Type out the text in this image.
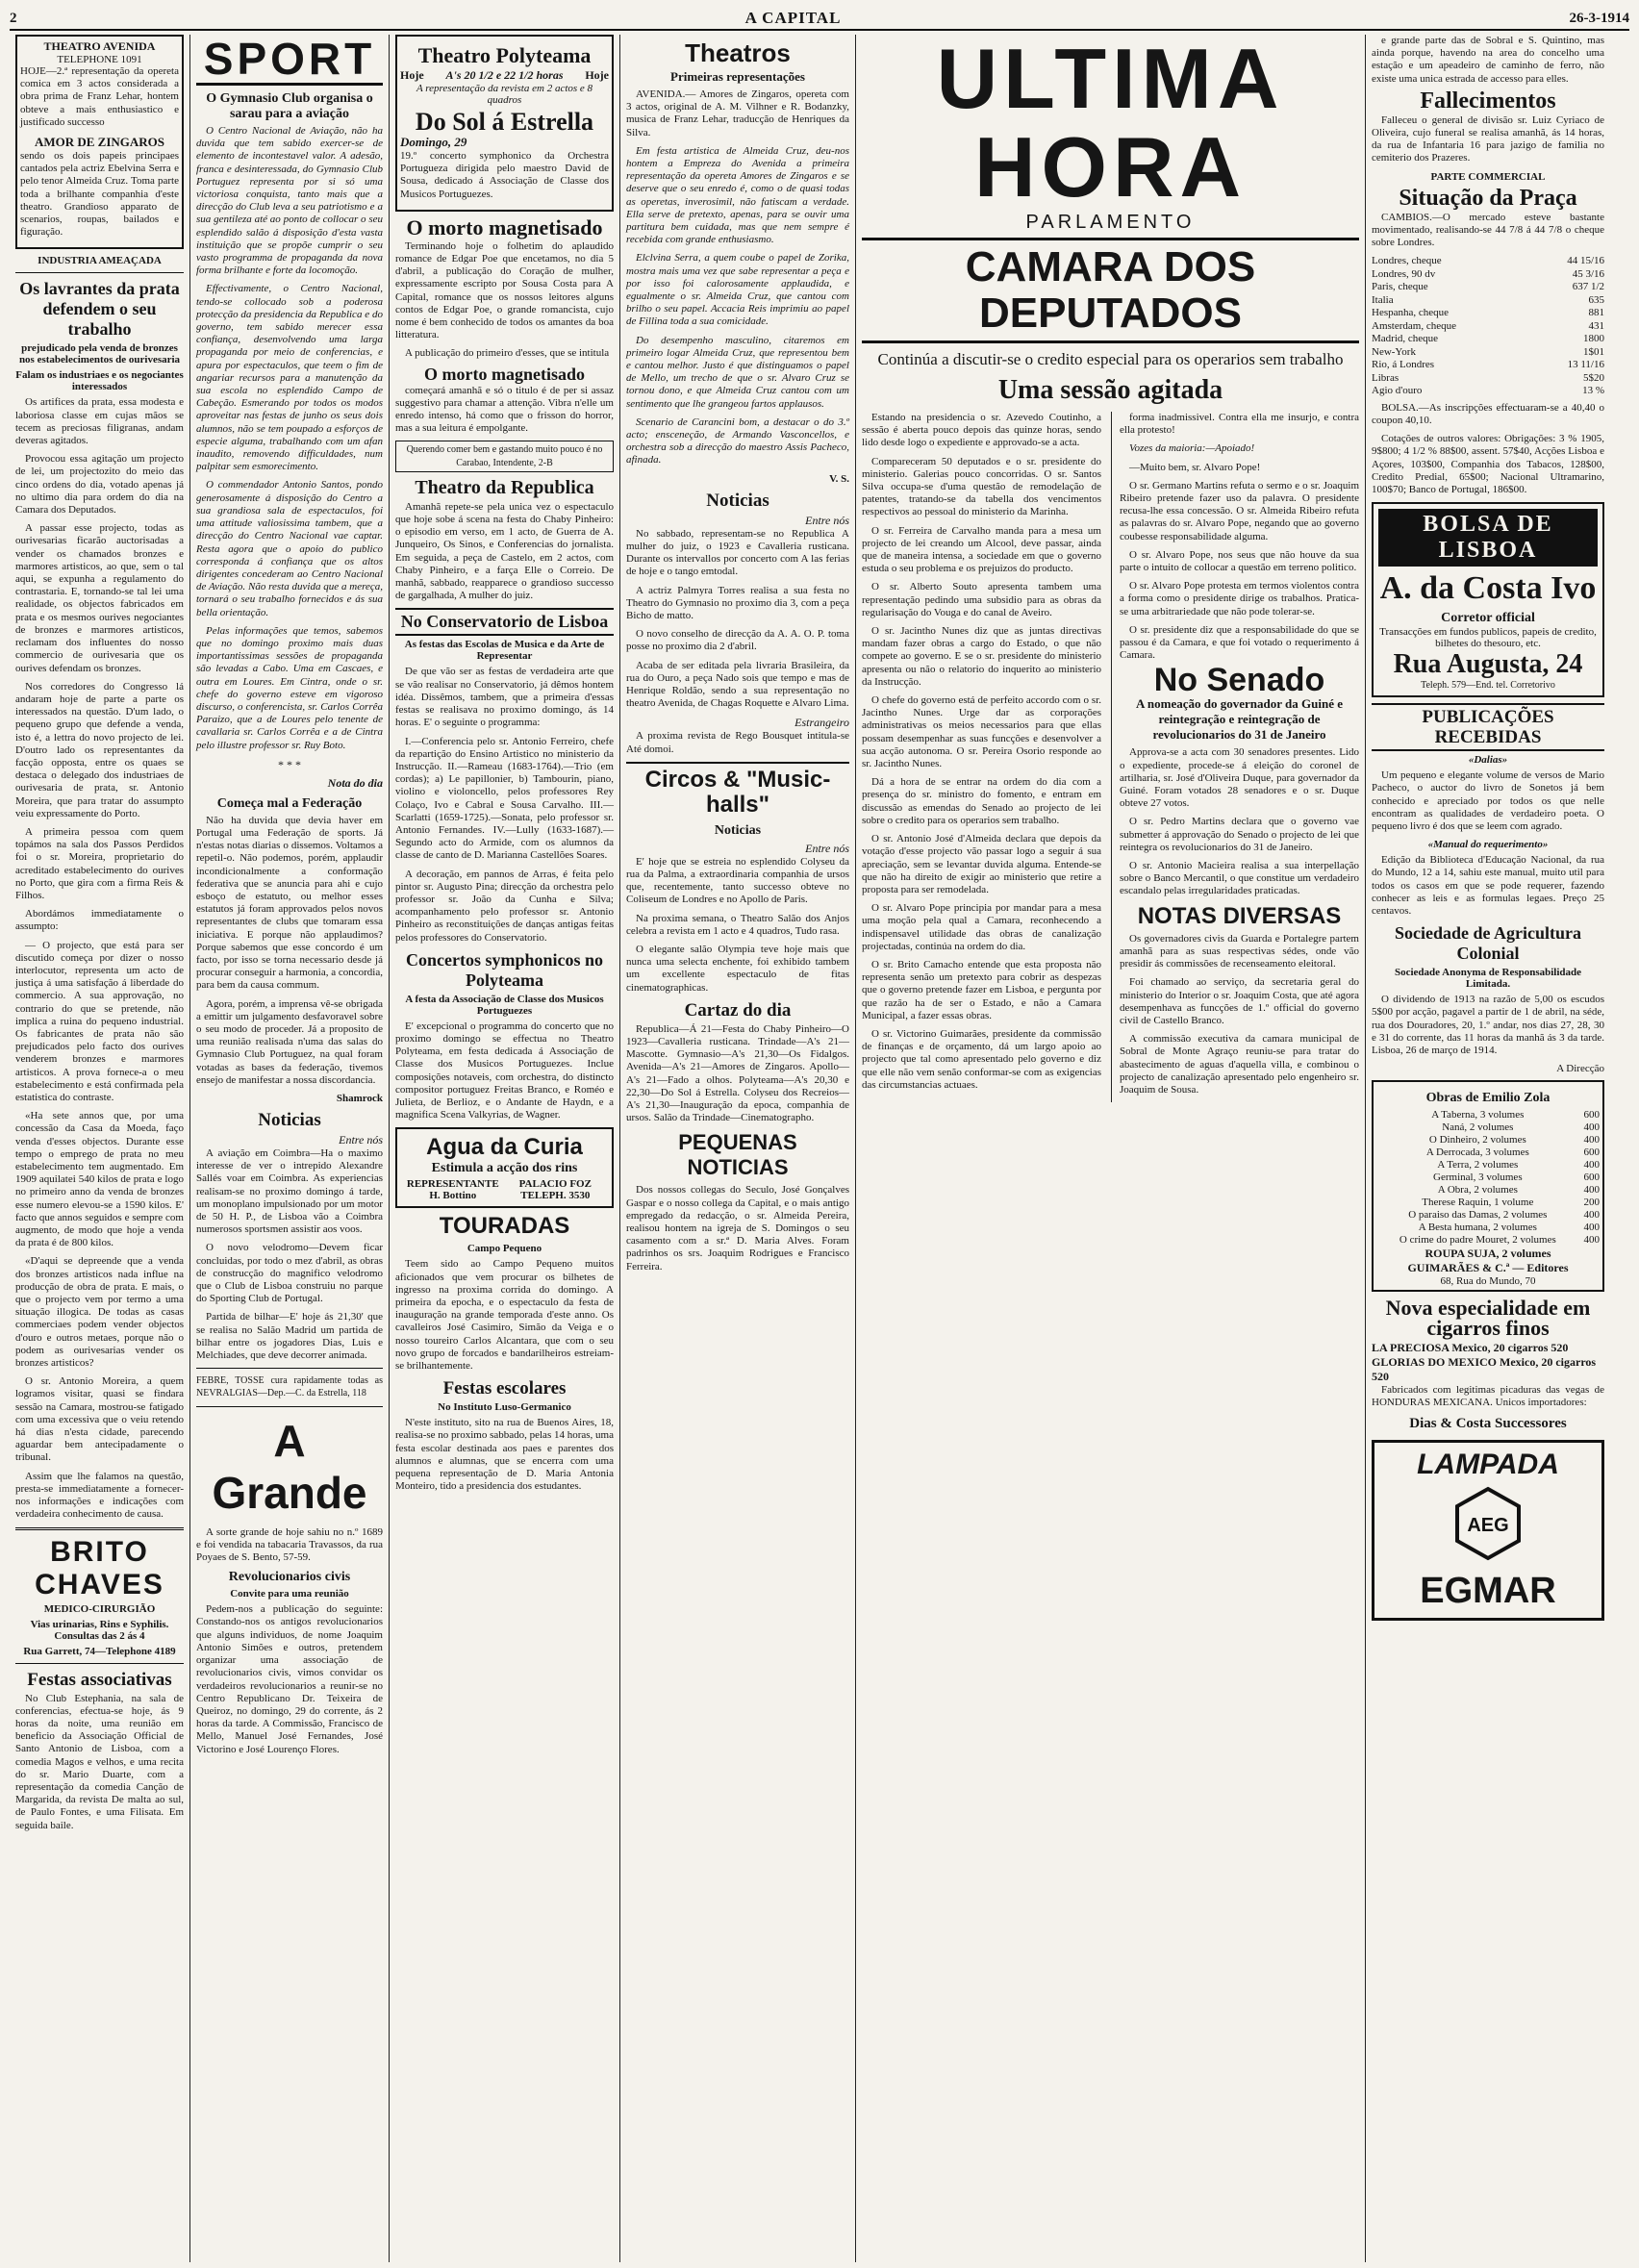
2	A CAPITAL	26-3-1914
THEATRO AVENIDA
TELEPHONE 1091

HOJE—2.ª representação da opereta comica em 3 actos considerada a obra prima de Franz Lehar, hontem obteve a mais enthusiastico e justificado successo

AMOR DE ZINGAROS

sendo os dois papeis principaes cantados pela actriz Ebelvina Serra e pelo tenor Almeida Cruz. Toma parte toda a brilhante companhia d'este theatro. Grandioso apparato de scenarios, roupas, bailados e figuração.

INDUSTRIA AMEAÇADA
Os lavrantes da prata defendem o seu trabalho
prejudicado pela venda de bronzes nos estabelecimentos de ourivesaria
Falam os industriaes e os negociantes interessados

Os artifices da prata, essa modesta e laboriosa classe em cujas mãos se tecem as preciosas filigranas, andam deveras agitados.

Provocou essa agitação um projecto de lei, um projectozito do meio das cinco ordens do dia, votado apenas já no ultimo dia para ordem do dia na Camara dos Deputados.

A passar esse projecto, todas as ourivesarias ficarão auctorisadas a vender os chamados bronzes e marmores artisticos, ao que, sem o tal aqui, se expunha a regulamento do contrastaria. E, tornando-se tal lei uma realidade, os objectos fabricados em prata e os mesmos ourives negociantes de bronzes e marmores artisticos, reclamam dos influentes do nosso commercio de ourivesaria que os ourives defendam os bronzes.

Nos corredores do Congresso lá andaram hoje de parte a parte os interessados na questão. D'um lado, o pequeno grupo que defende a venda, isto é, a lettra do novo projecto de lei. D'outro lado os representantes da facção opposta, entre os quaes se destaca o delegado dos industriaes de ourivesaria de prata, sr. Antonio Moreira, que para tratar do assumpto veiu expressamente do Porto.

A primeira pessoa com quem topámos na sala dos Passos Perdidos foi o sr. Moreira, proprietario do acreditado estabelecimento do ourives no Porto, que gira com a firma Reis & Filhos.

Abordámos immediatamente o assumpto:

— O projecto, que está para ser discutido começa por dizer o nosso interlocutor, representa um acto de justiça á uma satisfação á liberdade do commercio. A sua approvação, no contrario do que se pretende, não implica a ruina do pequeno industrial. Os fabricantes de prata não são prejudicados pelo facto dos ourives venderem bronzes e marmores artisticos. A prova fornece-a o meu estabelecimento e está confirmada pela estatistica do contraste.

«Ha sete annos que, por uma concessão da Casa da Moeda, faço venda d'esses objectos. Durante esse tempo o emprego de prata no meu estabelecimento tem augmentado. Em 1909 aquilatei 540 kilos de prata e logo no primeiro anno da venda de bronzes esse numero elevou-se a 1590 kilos. E' facto que annos seguidos e sempre com augmento, de modo que hoje a venda da prata é de 800 kilos.

«D'aqui se depreende que a venda dos bronzes artisticos nada influe na producção de obra de prata. E mais, o que o projecto vem por termo a uma situação illogica. De todas as casas commerciaes podem vender objectos d'ouro e outros metaes, porque não o podem as ourivesarias vender os bronzes artisticos?

O sr. Antonio Moreira, a quem logramos visitar, quasi se findara sessão na Camara, mostrou-se fatigado com uma excessiva que o veiu retendo há dias n'esta cidade, parecendo aguardar bem antecipadamente o tribunal.

Assim que lhe falamos na questão, presta-se immediatamente a fornecer-nos informações e indicações com verdadeira conhecimento de causa.

BRITO CHAVES
MEDICO-CIRURGIÃO
Vias urinarias, Rins e Syphilis. Consultas das 2 ás 4
Rua Garrett, 74—Telephone 4189
Festas associativas

No Club Estephania, na sala de conferencias, efectua-se hoje, ás 9 horas da noite, uma reunião em beneficio da Associação Official de Santo Antonio de Lisboa, com a comedia Magos e velhos, e uma recita do sr. Mario Duarte, com a representação da comedia Canção de Margarida, da revista De malta ao sul, de Paulo Fontes, e uma Filisata. Em seguida baile.

SPORT
O Gymnasio Club organisa o sarau para a aviação

O Centro Nacional de Aviação, não ha duvida que tem sabido exercer-se de elemento de incontestavel valor. A adesão, franca e desinteressada, do Gymnasio Club Portuguez representa por si só uma victoriosa conquista, tanto mais que a direcção do Club leva a seu patriotismo e a sua gentileza até ao ponto de collocar o seu esplendido salão á disposição d'esta vasta instituição que se propõe cumprir o seu vasto programma de propaganda da nova forma brilhante e forte da locomoção.

Effectivamente, o Centro Nacional, tendo-se collocado sob a poderosa protecção da presidencia da Republica e do governo, tem sabido merecer essa confiança, desenvolvendo uma larga propaganda por meio de conferencias, e apura por espectaculos, que teem o fim de angariar recursos para a manutenção da sua escola no esplendido Campo de Cabeção. Esmerando por todos os modos aproveitar nas festas de junho os seus dois alumnos, não se tem poupado a esforços de especie alguma, trabalhando com um afan inaudito, removendo difficuldades, num palpitar sem esmorecimento.

O commendador Antonio Santos, pondo generosamente á disposição do Centro a sua grandiosa sala de espectaculos, foi uma attitude valiosissima tambem, que a direcção do Centro Nacional vae captar. Resta agora que o apoio do publico corresponda á confiança que os altos dirigentes concederam ao Centro Nacional de Aviação. Não resta duvida que a mereça, tornará o seu trabalho fornecidos e ás sua bella orientação.

Pelas informações que temos, sabemos que no domingo proximo mais duas importantissimas sessões de propaganda são levadas a Cabo. Uma em Cascaes, e outra em Loures. Em Cintra, onde o sr. chefe do governo esteve em vigoroso discurso, o conferencista, sr. Carlos Corrêa Paraizo, que a de Loures pelo tenente de cavallaria sr. Carlos Corrêa e a de Cintra pelo illustre professor sr. Ruy Boto.

* * *
Nota do dia
Começa mal a Federação

Não ha duvida que devia haver em Portugal uma Federação de sports. Já n'estas notas diarias o dissemos. Voltamos a repetil-o. Não podemos, porém, applaudir incondicionalmente a conformação federativa que se anuncia para ahi e cujo esboço de estatuto, ou melhor esses estatutos já foram approvados pelos novos representantes de clubs que tomaram essa iniciativa. E porque não applaudimos? Porque sabemos que esse concordo é um facto, por isso se torna necessario desde já procurar conseguir a harmonia, a concordia, para bem da causa commum.

Agora, porém, a imprensa vê-se obrigada a emittir um julgamento desfavoravel sobre o seu modo de proceder. Já a proposito de uma reunião realisada n'uma das salas do Gymnasio Club Portuguez, na qual foram votadas as bases da federação, tivemos ensejo de manifestar a nossa discordancia.

Shamrock
Noticias
Entre nós

A aviação em Coimbra—Ha o maximo interesse de ver o intrepido Alexandre Sallés voar em Coimbra. As experiencias realisam-se no proximo domingo á tarde, um monoplano impulsionado por um motor de 50 H. P., de Lisboa vão a Coimbra numerosos sportsmen assistir aos voos.

O novo velodromo—Devem ficar concluidas, por todo o mez d'abril, as obras de construcção do magnifico velodromo que o Club de Lisboa construiu no parque do Sporting Club de Portugal.

Partida de bilhar—E' hoje ás 21,30' que se realisa no Salão Madrid um partida de bilhar entre os jogadores Dias, Luis e Melchiades, que deve decorrer animada.

FEBRE, TOSSE cura rapidamente todas as NEVRALGIAS—Dep.—C. da Estrella, 118

A Grande

A sorte grande de hoje sahiu no n.º 1689 e foi vendida na tabacaria Travassos, da rua Poyaes de S. Bento, 57-59.

Revolucionarios civis
Convite para uma reunião

Pedem-nos a publicação do seguinte: Constando-nos os antigos revolucionarios que alguns individuos, de nome Joaquim Antonio Simões e outros, pretendem organizar uma associação de revolucionarios civis, vimos convidar os verdadeiros revolucionarios a reunir-se no Centro Republicano Dr. Teixeira de Queiroz, no domingo, 29 do corrente, ás 2 horas da tarde. A Commissão, Francisco de Mello, Manuel José Fernandes, José Victorino e José Lourenço Flores.

Theatro Polyteama
Hoje A's 20 1/2 e 22 1/2 horas Hoje
A representação da revista em 2 actos e 8 quadros
Do Sol á Estrella
Domingo, 29

19.º concerto symphonico da Orchestra Portugueza dirigida pelo maestro David de Sousa, dedicado á Associação de Classe dos Musicos Portuguezes.

O morto magnetisado

Terminando hoje o folhetim do aplaudido romance de Edgar Poe que encetamos, no dia 5 d'abril, a publicação do Coração de mulher, expressamente escripto por Sousa Costa para A Capital, romance que os nossos leitores alguns contos de Edgar Poe, o grande romancista, cujo nome é bem conhecido de todos os amantes da boa litteratura.

A publicação do primeiro d'esses, que se intitula

O morto magnetisado

começará amanhã e só o titulo é de per si assaz suggestivo para chamar a attenção. Vibra n'elle um enredo intenso, há como que o frisson do horror, mas a sua leitura é empolgante.

Querendo comer bem e gastando muito pouco é no Carabao, Intendente, 2-B

Theatro da Republica

Amanhã repete-se pela unica vez o espectaculo que hoje sobe á scena na festa do Chaby Pinheiro: o episodio em verso, em 1 acto, de Guerra de A. Junqueiro, Os Sinos, e Conferencias do jornalista. Em seguida, a peça de Castelo, em 2 actos, com Chaby Pinheiro, e a farça Elle o Correio. De manhã, sabbado, reapparece o grandioso successo de gargalhada, A mulher do juiz.

No Conservatorio de Lisboa
As festas das Escolas de Musica e da Arte de Representar

De que vão ser as festas de verdadeira arte que se vão realisar no Conservatorio, já dêmos hontem idéa. Dissêmos, tambem, que a primeira d'essas festas se realisava no proximo domingo, ás 14 horas. E' o seguinte o programma:

I.—Conferencia pelo sr. Antonio Ferreiro, chefe da repartição do Ensino Artistico no ministerio da Instrucção. II.—Rameau (1683-1764).—Trio (em cordas); a) Le papillonier, b) Tambourin, piano, violino e violoncello, pelos professores Rey Colaço, Ivo e Cabral e Sousa Carvalho. III.—Scarlatti (1659-1725).—Sonata, pelo professor sr. Antonio Fernandes. IV.—Lully (1633-1687).—Segundo acto do Armide, com os alumnos da classe de canto de D. Marianna Castellões Soares.

A decoração, em pannos de Arras, é feita pelo pintor sr. Augusto Pina; direcção da orchestra pelo professor sr. João da Cunha e Silva; acompanhamento pelo professor sr. Antonio Pinheiro as reconstituições de danças antigas feitas pelos professores do Conservatorio.

Concertos symphonicos no Polyteama
A festa da Associação de Classe dos Musicos Portuguezes

E' excepcional o programma do concerto que no proximo domingo se effectua no Theatro Polyteama, em festa dedicada á Associação de Classe dos Musicos Portuguezes. Inclue composições notaveis, com orchestra, do distincto compositor portuguez Freitas Branco, e Roméo e Julieta, de Berlioz, e o Andante de Haydn, e a magnifica Scena Valkyrias, de Wagner.

Agua da Curia
Estimula a acção dos rins
REPRESENTANTE H. Bottino
PALACIO FOZ TELEPH. 3530
TOURADAS
Campo Pequeno

Teem sido ao Campo Pequeno muitos aficionados que vem procurar os bilhetes de ingresso na proxima corrida do domingo. A primeira da epocha, e o espectaculo da festa de inauguração na grande temporada d'este anno. Os cavalleiros José Casimiro, Simão da Veiga e o nosso toureiro Carlos Alcantara, que com o seu novo grupo de forcados e bandarilheiros estreiam-se brilhantemente.

Festas escolares
No Instituto Luso-Germanico

N'este instituto, sito na rua de Buenos Aires, 18, realisa-se no proximo sabbado, pelas 14 horas, uma festa escolar destinada aos paes e parentes dos alumnos e alumnas, que se encerra com uma pequena representação de D. Maria Antonia Monteiro, tido a presidencia dos estudantes.

Theatros
Primeiras representações

AVENIDA.— Amores de Zingaros, opereta com 3 actos, original de A. M. Vilhner e R. Bodanzky, musica de Franz Lehar, traducção de Henriques da Silva.

Em festa artistica de Almeida Cruz, deu-nos hontem a Empreza do Avenida a primeira representação da opereta Amores de Zingaros e se deserve que o seu enredo é, como o de quasi todas as operetas, inverosimil, não fatiscam a verdade. Ella serve de pretexto, apenas, para se ouvir uma partitura bem cuidada, mas que nem sempre é recebida com grande enthusiasmo.

Elclvina Serra, a quem coube o papel de Zorika, mostra mais uma vez que sabe representar a peça e por isso foi calorosamente applaudida, e egualmente o sr. Almeida Cruz, que cantou com brilho o seu papel. Accacia Reis imprimiu ao papel de Fillina toda a sua comicidade.

Do desempenho masculino, citaremos em primeiro logar Almeida Cruz, que representou bem e cantou melhor. Justo é que distinguamos o papel de Mello, um trecho de que o sr. Alvaro Cruz se tornou dono, e que Almeida Cruz cantou com um sentimento que lhe grangeou fartos applausos.

Scenario de Carancini bom, a destacar o do 3.º acto; ensceneção, de Armando Vasconcellos, e orchestra sob a direcção do maestro Assis Pacheco, afinada.

V. S.
Noticias
Entre nós

No sabbado, representam-se no Republica A mulher do juiz, o 1923 e Cavalleria rusticana. Durante os intervallos por concerto com A las ferias de hoje e o tango emtodal.

A actriz Palmyra Torres realisa a sua festa no Theatro do Gymnasio no proximo dia 3, com a peça Bicho de matto.

O novo conselho de direcção da A. A. O. P. toma posse no proximo dia 2 d'abril.

Acaba de ser editada pela livraria Brasileira, da rua do Ouro, a peça Nado sois que tempo e mas de Henrique Roldão, sendo a sua representação no theatro Avenida, de Chagas Roquette e Alvaro Lima.

Estrangeiro

A proxima revista de Rego Bousquet intitula-se Até domoi.

Circos & "Music-halls"
Noticias
Entre nós

E' hoje que se estreia no esplendido Colyseu da rua da Palma, a extraordinaria companhia de ursos que, recentemente, tanto successo obteve no Coliseum de Londres e no Apollo de Paris.

Na proxima semana, o Theatro Salão dos Anjos celebra a revista em 1 acto e 4 quadros, Tudo rasa.

O elegante salão Olympia teve hoje mais que nunca uma selecta enchente, foi exhibido tambem um excellente espectaculo de fitas cinematographicas.

Cartaz do dia

Republica—Á 21—Festa do Chaby Pinheiro—O 1923—Cavalleria rusticana. Trindade—A's 21—Mascotte. Gymnasio—A's 21,30—Os Fidalgos. Avenida—A's 21—Amores de Zingaros. Apollo—A's 21—Fado a olhos. Polyteama—A's 20,30 e 22,30—Do Sol á Estrella. Colyseu dos Recreios—A's 21,30—Inauguração da epoca, companhia de ursos. Salão da Trindade—Cinematographo.

PEQUENAS NOTICIAS

Dos nossos collegas do Seculo, José Gonçalves Gaspar e o nosso collega da Capital, e o mais antigo empregado da redacção, o sr. Almeida Pereira, realisou hontem na igreja de S. Domingos o seu casamento com a sr.ª D. Maria Alves. Foram padrinhos os srs. Joaquim Rodrigues e Francisco Ferreira.

ULTIMA HORA
PARLAMENTO
CAMARA DOS DEPUTADOS
Continúa a discutir-se o credito especial para os operarios sem trabalho
Uma sessão agitada

Estando na presidencia o sr. Azevedo Coutinho, a sessão é aberta pouco depois das quinze horas, sendo lido desde logo o expediente e approvado-se a acta.

Compareceram 50 deputados e o sr. presidente do ministerio. Galerias pouco concorridas. O sr. Santos Silva occupa-se d'uma questão de remodelação de patentes, tratando-se da tabella dos vencimentos respectivos ao pessoal do ministerio da Marinha.

O sr. Ferreira de Carvalho manda para a mesa um projecto de lei creando um Alcool, deve passar, ainda que de maneira intensa, a sociedade em que o governo estuda o seu problema e os prejuizos do producto.

O sr. Alberto Souto apresenta tambem uma representação pedindo uma subsidio para as obras da regularisação do Vouga e do canal de Aveiro.

O sr. Jacintho Nunes diz que as juntas directivas mandam fazer obras a cargo do Estado, o que não compete ao governo. E se o sr. presidente do ministerio apresenta ou não o relatorio do inquerito ao ministerio da Instrucção.

O chefe do governo está de perfeito accordo com o sr. Jacintho Nunes. Urge dar as corporações administrativas os meios necessarios para que ellas possam desempenhar as suas funcções e desenvolver a sua acção autonoma. O sr. Pereira Osorio responde ao sr. Jacintho Nunes.

Dá a hora de se entrar na ordem do dia com a presença do sr. ministro do fomento, e entram em discussão as emendas do Senado ao projecto de lei sobre o credito para os operarios sem trabalho.

O sr. Antonio José d'Almeida declara que depois da votação d'esse projecto vão passar logo a seguir á sua apreciação, sem se levantar duvida alguma. Entende-se que não ha direito de exigir ao ministerio que retire a proposta para ser remodelada.

O sr. Alvaro Pope principia por mandar para a mesa uma moção pela qual a Camara, reconhecendo a indispensavel utilidade das obras de canalização projectadas, continúa na ordem do dia.

O sr. Brito Camacho entende que esta proposta não representa senão um pretexto para cobrir as despezas que o governo pretende fazer em Lisboa, e pergunta por que razão ha de ser o Estado, e não a Camara Municipal, a fazer essas obras.

O sr. Victorino Guimarães, presidente da commissão de finanças e de orçamento, dá um largo apoio ao projecto que tal como apresentado pelo governo e diz que elle não vem senão conformar-se com as exigencias das circumstancias actuaes.

forma inadmissivel. Contra ella me insurjo, e contra ella protesto!

Vozes da maioria:—Apoiado!

—Muito bem, sr. Alvaro Pope!

O sr. Germano Martins refuta o sermo e o sr. Joaquim Ribeiro pretende fazer uso da palavra. O presidente recusa-lhe essa concessão. O sr. Almeida Ribeiro refuta as palavras do sr. Alvaro Pope, negando que ao governo coubesse responsabilidade alguma.

O sr. Alvaro Pope, nos seus que não houve da sua parte o intuito de collocar a questão em terreno politico.

O sr. Alvaro Pope protesta em termos violentos contra a forma como o presidente dirige os trabalhos. Pratica-se uma arbitrariedade que não pode tolerar-se.

O sr. presidente diz que a responsabilidade do que se passou é da Camara, e que foi votado o requerimento á Camara.

No Senado
A nomeação do governador da Guiné e reintegração e reintegração de revolucionarios do 31 de Janeiro

Approva-se a acta com 30 senadores presentes. Lido o expediente, procede-se á eleição do coronel de artilharia, sr. José d'Oliveira Duque, para governador da Guiné. Foram votados 28 senadores e o sr. Duque obteve 27 votos.

O sr. Pedro Martins declara que o governo vae submetter á approvação do Senado o projecto de lei que reintegra os revolucionarios do 31 de Janeiro.

O sr. Antonio Macieira realisa a sua interpellação sobre o Banco Mercantil, o que constitue um verdadeiro escandalo pelas irregularidades praticadas.

NOTAS DIVERSAS

Os governadores civis da Guarda e Portalegre partem amanhã para as suas respectivas sédes, onde vão presidir ás commissões de recenseamento eleitoral.

Foi chamado ao serviço, da secretaria geral do ministerio do Interior o sr. Joaquim Costa, que até agora desempenhava as funcções de 1.º official do governo civil de Castello Branco.

A commissão executiva da camara municipal de Sobral de Monte Agraço reuniu-se para tratar do abastecimento de aguas d'aquella villa, e combinou o projecto de canalização apresentado pelo engenheiro sr. Joaquim de Sousa.

e grande parte das de Sobral e S. Quintino, mas ainda porque, havendo na area do concelho uma estação e um apeadeiro de caminho de ferro, não existe uma unica estrada de accesso para elles.

Fallecimentos

Falleceu o general de divisão sr. Luiz Cyriaco de Oliveira, cujo funeral se realisa amanhã, ás 14 horas, da rua de Infantaria 16 para jazigo de familia no cemiterio dos Prazeres.

PARTE COMMERCIAL
Situação da Praça

CAMBIOS.—O mercado esteve bastante movimentado, realisando-se 44 7/8 á 44 7/8 o cheque sobre Londres.

Londres, cheque	44 15/16
Londres, 90 dv	45 3/16
Paris, cheque	637 1/2
Italia	635
Hespanha, cheque	881
Amsterdam, cheque	431
Madrid, cheque	1800
New-York	1$01
Rio, á Londres	13 11/16
Libras	5$20
Agio d'ouro	13 %

BOLSA.—As inscripções effectuaram-se a 40,40 o coupon 40,10.

Cotações de outros valores: Obrigações: 3 % 1905, 9$800; 4 1/2 % 88$00, assent. 57$40, Acções Lisboa e Açores, 103$00, Companhia dos Tabacos, 128$00, Credito Predial, 65$00; Nacional Ultramarino, 100$70; Banco de Portugal, 186$00.

BOLSA DE LISBOA
A. da Costa Ivo
Corretor official
Transacções em fundos publicos, papeis de credito, bilhetes do thesouro, etc.
Rua Augusta, 24
Teleph. 579—End. tel. Corretorivo
PUBLICAÇÕES RECEBIDAS
«Dalias»

Um pequeno e elegante volume de versos de Mario Pacheco, o auctor do livro de Sonetos já bem conhecido e apreciado por todos os que nelle encontram as qualidades de verdadeiro poeta. O pequeno livro é dos que se leem com agrado.

«Manual do requerimento»

Edição da Biblioteca d'Educação Nacional, da rua do Mundo, 12 a 14, sahiu este manual, muito util para todos os casos em que se pode requerer, fazendo conhecer as leis e as formulas legaes. Preço 25 centavos.

Sociedade de Agricultura Colonial
Sociedade Anonyma de Responsabilidade Limitada.

O dividendo de 1913 na razão de 5,00 os escudos 5$00 por acção, pagavel a partir de 1 de abril, na séde, rua dos Douradores, 20, 1.º andar, nos dias 27, 28, 30 e 31 do corrente, das 11 horas da manhã ás 3 da tarde. Lisboa, 26 de março de 1914.

A Direcção
Obras de Emilio Zola
A Taberna, 3 volumes	600
Naná, 2 volumes	400
O Dinheiro, 2 volumes	400
A Derrocada, 3 volumes	600
A Terra, 2 volumes	400
Germinal, 3 volumes	600
A Obra, 2 volumes	400
Therese Raquin, 1 volume	200
O paraiso das Damas, 2 volumes	400
A Besta humana, 2 volumes	400
O crime do padre Mouret, 2 volumes	400
ROUPA SUJA, 2 volumes
GUIMARÃES & C.ª — Editores
68, Rua do Mundo, 70
Nova especialidade em cigarros finos
LA PRECIOSA Mexico, 20 cigarros 520
GLORIAS DO MEXICO Mexico, 20 cigarros 520

Fabricados com legitimas picaduras das vegas de HONDURAS MEXICANA. Unicos importadores:

Dias & Costa Successores
LAMPADA
AEG
EGMAR
